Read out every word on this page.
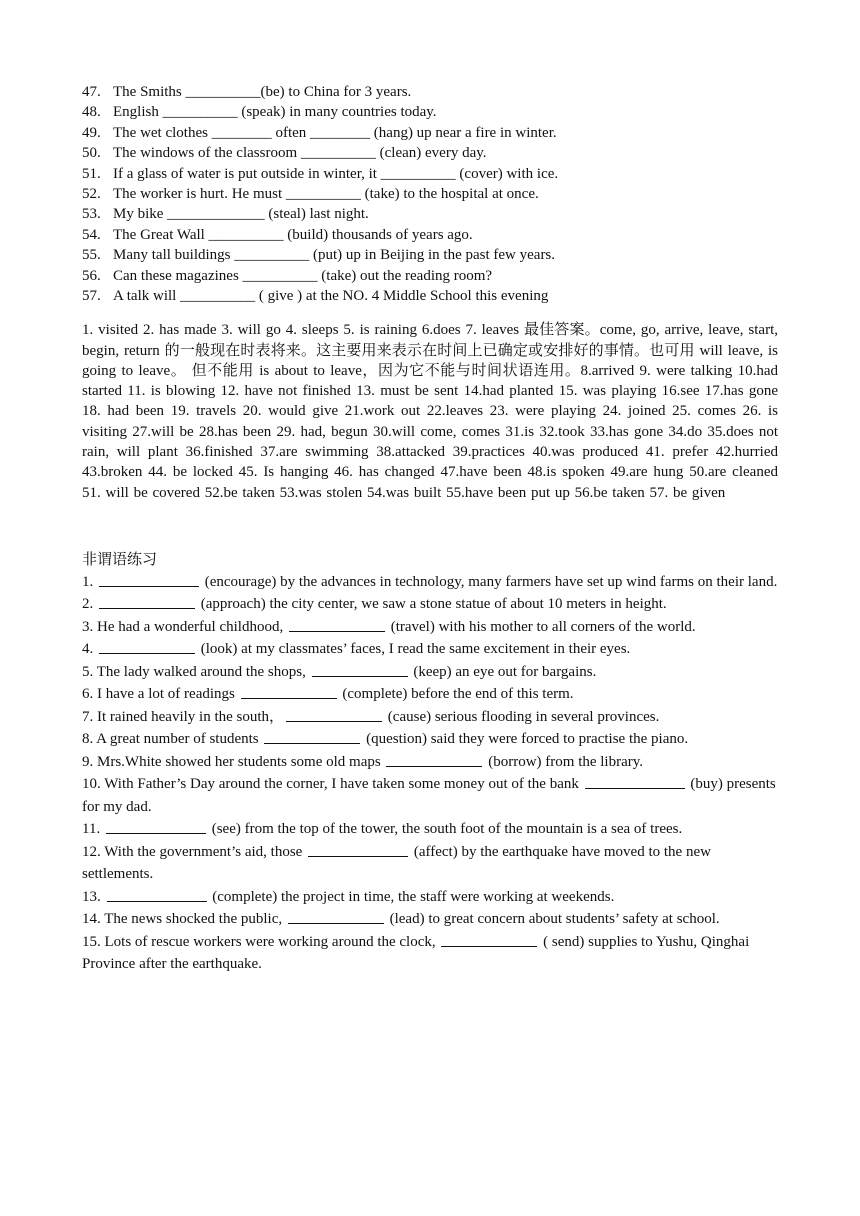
47. The Smiths __________(be) to China for 3 years.
48. English __________ (speak) in many countries today.
49. The wet clothes ________ often ________ (hang) up near a fire in winter.
50. The windows of the classroom __________ (clean) every day.
51. If a glass of water is put outside in winter, it __________ (cover) with ice.
52. The worker is hurt. He must __________ (take) to the hospital at once.
53. My bike _____________ (steal) last night.
54. The Great Wall __________ (build) thousands of years ago.
55. Many tall buildings __________ (put) up in Beijing in the past few years.
56. Can these magazines __________ (take) out the reading room?
57. A talk will __________ ( give ) at the NO. 4 Middle School this evening

1. visited 2. has made 3. will go 4. sleeps 5. is raining 6.does 7. leaves 最佳答案。come, go, arrive, leave, start, begin, return 的一般现在时表将来。这主要用来表示在时间上已确定或安排好的事情。也可用 will leave, is going to leave。 但不能用 is about to leave，因为它不能与时间状语连用。8.arrived 9. were talking 10.had started 11. is blowing 12. have not finished 13. must be sent 14.had planted 15. was playing 16.see 17.has gone 18. had been 19. travels 20. would give 21.work out 22.leaves 23. were playing 24. joined 25. comes 26. is visiting 27.will be 28.has been 29. had, begun 30.will come, comes 31.is 32.took 33.has gone 34.do 35.does not rain, will plant 36.finished 37.are swimming 38.attacked 39.practices 40.was produced 41. prefer 42.hurried 43.broken 44. be locked 45. Is hanging 46. has changed 47.have been 48.is spoken 49.are hung 50.are cleaned 51. will be covered 52.be taken 53.was stolen 54.was built 55.have been put up 56.be taken 57. be given

非谓语练习
1.	(encourage) by the advances in technology, many farmers have set up wind farms on their land.
2.	(approach) the city center, we saw a stone statue of about 10 meters in height.
3. He had a wonderful childhood,	(travel) with his mother to all corners of the world.
4.	(look) at my classmates’ faces, I read the same excitement in their eyes.
5. The lady walked around the shops,	(keep) an eye out for bargains.
6. I have a lot of readings	(complete) before the end of this term.
7. It rained heavily in the south，	(cause) serious flooding in several provinces.
8. A great number of students	(question) said they were forced to practise the piano.
9. Mrs.White showed her students some old maps	(borrow) from the library.
10. With Father’s Day around the corner, I have taken some money out of the bank	(buy) presents for my dad.
11.	(see) from the top of the tower, the south foot of the mountain is a sea of trees.
12. With the government’s aid, those	(affect) by the earthquake have moved to the new settlements.
13.	(complete) the project in time, the staff were working at weekends.
14. The news shocked the public,	(lead) to great concern about students’ safety at school.
15. Lots of rescue workers were working around the clock,	( send) supplies to Yushu, Qinghai Province after the earthquake.
